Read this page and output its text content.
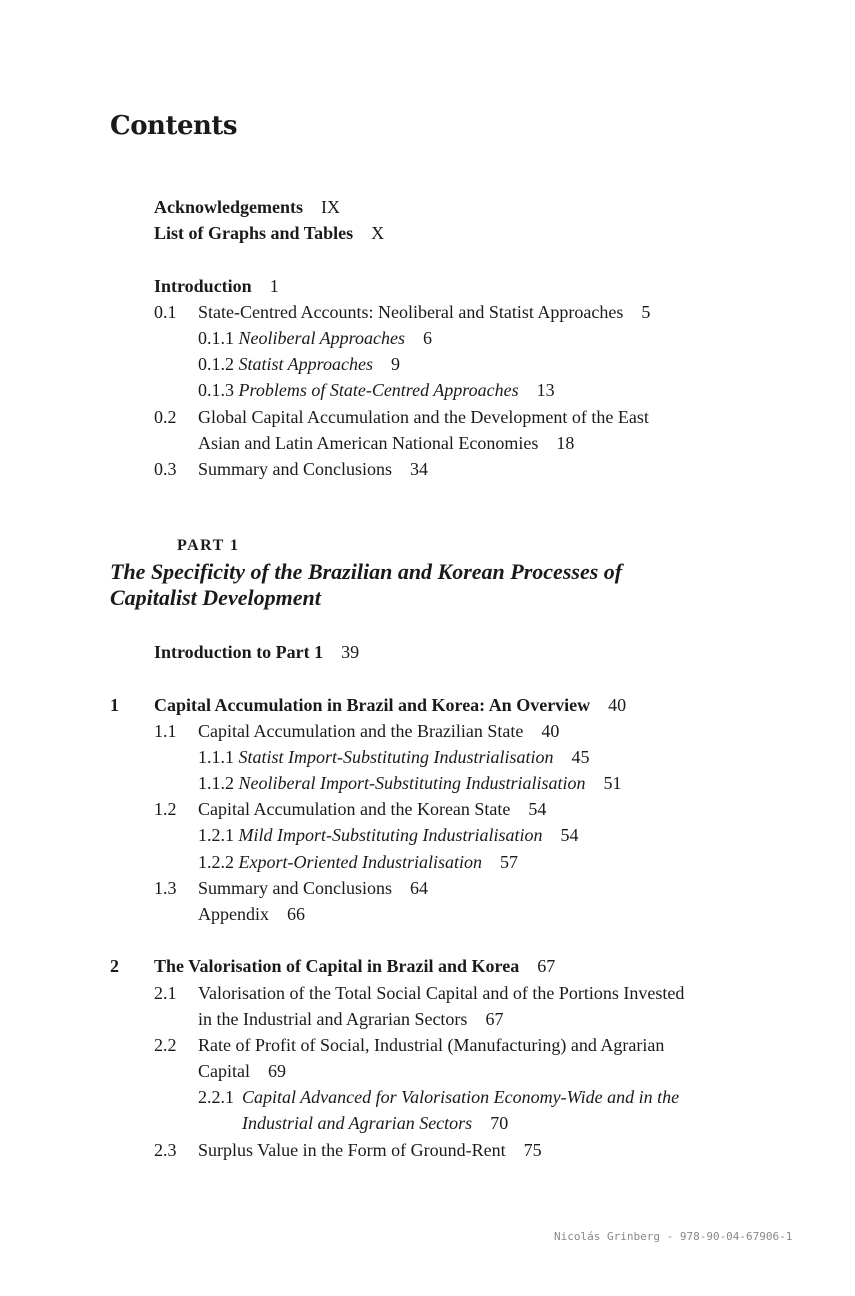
Contents
Acknowledgements IX
List of Graphs and Tables X
Introduction 1
0.1 State-Centred Accounts: Neoliberal and Statist Approaches 5
0.1.1 Neoliberal Approaches 6
0.1.2 Statist Approaches 9
0.1.3 Problems of State-Centred Approaches 13
0.2 Global Capital Accumulation and the Development of the East
Asian and Latin American National Economies 18
0.3 Summary and Conclusions 34
PART 1
The Specificity of the Brazilian and Korean Processes of
Capitalist Development
Introduction to Part 1 39
1 Capital Accumulation in Brazil and Korea: An Overview 40
1.1 Capital Accumulation and the Brazilian State 40
1.1.1 Statist Import-Substituting Industrialisation 45
1.1.2 Neoliberal Import-Substituting Industrialisation 51
1.2 Capital Accumulation and the Korean State 54
1.2.1 Mild Import-Substituting Industrialisation 54
1.2.2 Export-Oriented Industrialisation 57
1.3 Summary and Conclusions 64
Appendix 66
2 The Valorisation of Capital in Brazil and Korea 67
2.1 Valorisation of the Total Social Capital and of the Portions Invested
in the Industrial and Agrarian Sectors 67
2.2 Rate of Profit of Social, Industrial (Manufacturing) and Agrarian
Capital 69
2.2.1 Capital Advanced for Valorisation Economy-Wide and in the
Industrial and Agrarian Sectors 70
2.3 Surplus Value in the Form of Ground-Rent 75
Nicolás Grinberg - 978-90-04-67906-1
